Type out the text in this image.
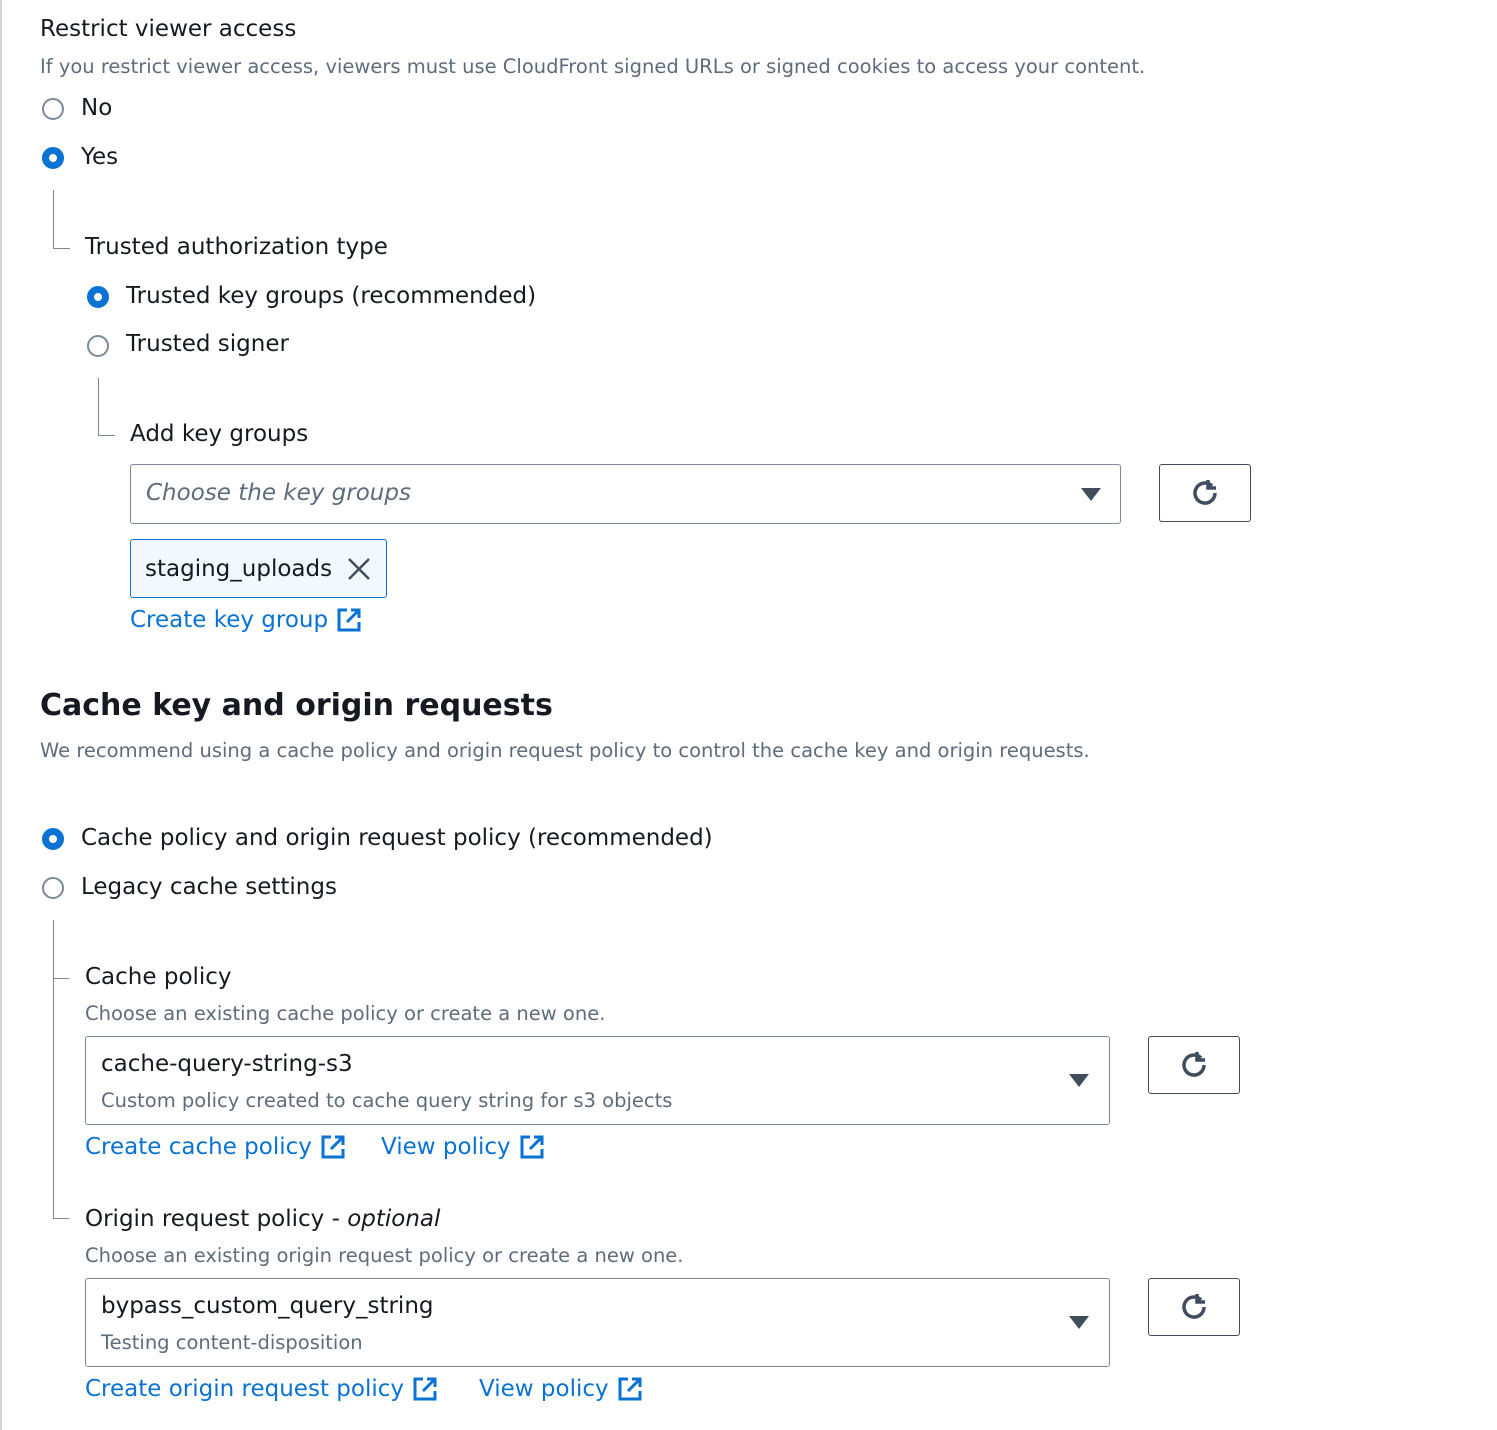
Restrict viewer access
If you restrict viewer access, viewers must use CloudFront signed URLs or signed cookies to access your content.
No
Yes
Trusted authorization type
Trusted key groups (recommended)
Trusted signer
Add key groups
Choose the key groups
staging_uploads
Create key group
Cache key and origin requests
We recommend using a cache policy and origin request policy to control the cache key and origin requests.
Cache policy and origin request policy (recommended)
Legacy cache settings
Cache policy
Choose an existing cache policy or create a new one.
cache-query-string-s3
Custom policy created to cache query string for s3 objects
Create cache policy	View policy
Origin request policy - optional
Choose an existing origin request policy or create a new one.
bypass_custom_query_string
Testing content-disposition
Create origin request policy	View policy
